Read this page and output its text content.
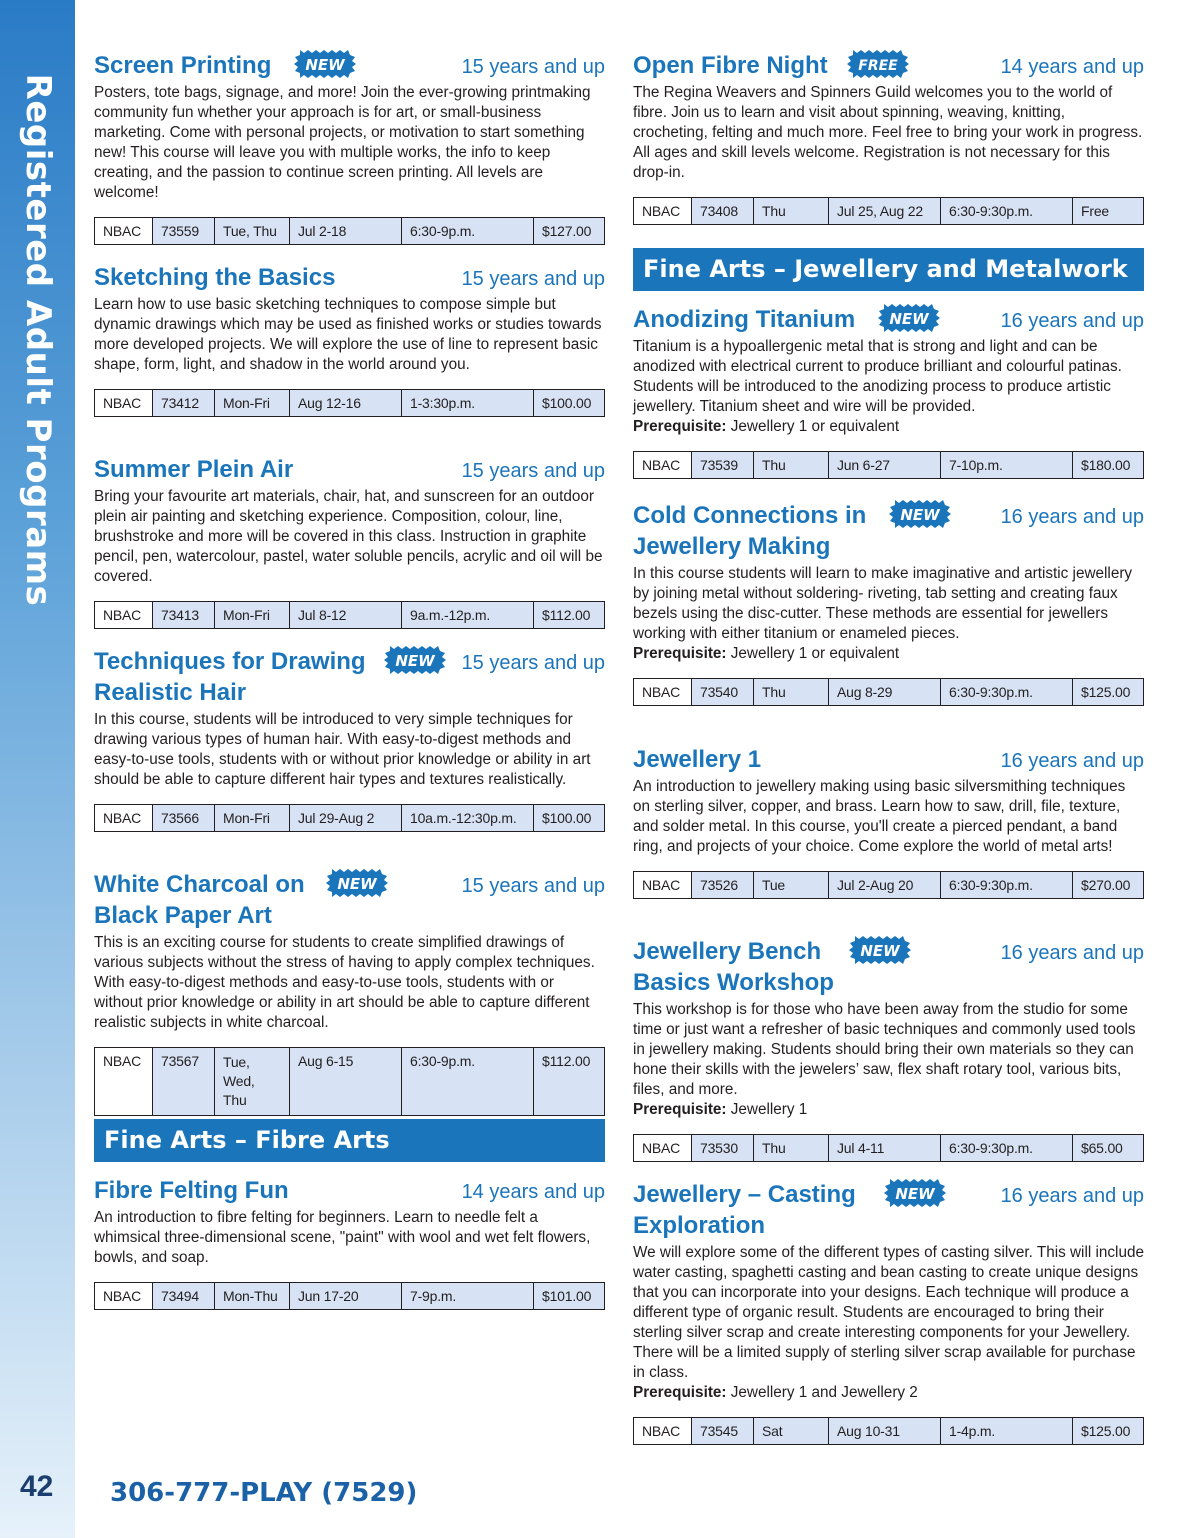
Registered Adult Programs
42 306-777-PLAY (7529)
Screen Printing NEW	15 years and up
Posters, tote bags, signage, and more! Join the ever-growing printmaking community fun whether your approach is for art, or small-business marketing. Come with personal projects, or motivation to start something new! This course will leave you with multiple works, the info to keep creating, and the passion to continue screen printing. All levels are welcome!
NBAC	73559	Tue, Thu	Jul 2-18	6:30-9p.m.	$127.00
Sketching the Basics	15 years and up
Learn how to use basic sketching techniques to compose simple but dynamic drawings which may be used as finished works or studies towards more developed projects. We will explore the use of line to represent basic shape, form, light, and shadow in the world around you.
NBAC	73412	Mon-Fri	Aug 12-16	1-3:30p.m.	$100.00
Summer Plein Air	15 years and up
Bring your favourite art materials, chair, hat, and sunscreen for an outdoor plein air painting and sketching experience. Composition, colour, line, brushstroke and more will be covered in this class. Instruction in graphite pencil, pen, watercolour, pastel, water soluble pencils, acrylic and oil will be covered.
NBAC	73413	Mon-Fri	Jul 8-12	9a.m.-12p.m.	$112.00
Techniques for Drawing
Realistic Hair
NEW 15 years and up
In this course, students will be introduced to very simple techniques for drawing various types of human hair. With easy-to-digest methods and easy-to-use tools, students with or without prior knowledge or ability in art should be able to capture different hair types and textures realistically.
NBAC	73566	Mon-Fri	Jul 29-Aug 2	10a.m.-12:30p.m.	$100.00
White Charcoal on
Black Paper Art
NEW	15 years and up
This is an exciting course for students to create simplified drawings of various subjects without the stress of having to apply complex techniques. With easy-to-digest methods and easy-to-use tools, students with or without prior knowledge or ability in art should be able to capture different realistic subjects in white charcoal.
NBAC	73567	Tue, Wed, Thu	Aug 6-15	6:30-9p.m.	$112.00
Fine Arts – Fibre Arts
Fibre Felting Fun	14 years and up
An introduction to fibre felting for beginners. Learn to needle felt a whimsical three-dimensional scene, "paint" with wool and wet felt flowers, bowls, and soap.
NBAC	73494	Mon-Thu	Jun 17-20	7-9p.m.	$101.00
Open Fibre Night FREE	14 years and up
The Regina Weavers and Spinners Guild welcomes you to the world of fibre. Join us to learn and visit about spinning, weaving, knitting, crocheting, felting and much more. Feel free to bring your work in progress. All ages and skill levels welcome. Registration is not necessary for this drop-in.
NBAC	73408	Thu	Jul 25, Aug 22	6:30-9:30p.m.	Free
Fine Arts – Jewellery and Metalwork
Anodizing Titanium NEW	16 years and up
Titanium is a hypoallergenic metal that is strong and light and can be anodized with electrical current to produce brilliant and colourful patinas. Students will be introduced to the anodizing process to produce artistic jewellery. Titanium sheet and wire will be provided.
Prerequisite: Jewellery 1 or equivalent
NBAC	73539	Thu	Jun 6-27	7-10p.m.	$180.00
Cold Connections in
Jewellery Making
NEW	16 years and up
In this course students will learn to make imaginative and artistic jewellery by joining metal without soldering- riveting, tab setting and creating faux bezels using the disc-cutter. These methods are essential for jewellers working with either titanium or enameled pieces.
Prerequisite: Jewellery 1 or equivalent
NBAC	73540	Thu	Aug 8-29	6:30-9:30p.m.	$125.00
Jewellery 1	16 years and up
An introduction to jewellery making using basic silversmithing techniques on sterling silver, copper, and brass. Learn how to saw, drill, file, texture, and solder metal. In this course, you'll create a pierced pendant, a band ring, and projects of your choice. Come explore the world of metal arts!
NBAC	73526	Tue	Jul 2-Aug 20	6:30-9:30p.m.	$270.00
Jewellery Bench
Basics Workshop
NEW	16 years and up
This workshop is for those who have been away from the studio for some time or just want a refresher of basic techniques and commonly used tools in jewellery making. Students should bring their own materials so they can hone their skills with the jewelers’ saw, flex shaft rotary tool, various bits, files, and more.
Prerequisite: Jewellery 1
NBAC	73530	Thu	Jul 4-11	6:30-9:30p.m.	$65.00
Jewellery – Casting
Exploration
NEW	16 years and up
We will explore some of the different types of casting silver. This will include water casting, spaghetti casting and bean casting to create unique designs that you can incorporate into your designs. Each technique will produce a different type of organic result. Students are encouraged to bring their sterling silver scrap and create interesting components for your Jewellery. There will be a limited supply of sterling silver scrap available for purchase in class.
Prerequisite: Jewellery 1 and Jewellery 2
NBAC	73545	Sat	Aug 10-31	1-4p.m.	$125.00
